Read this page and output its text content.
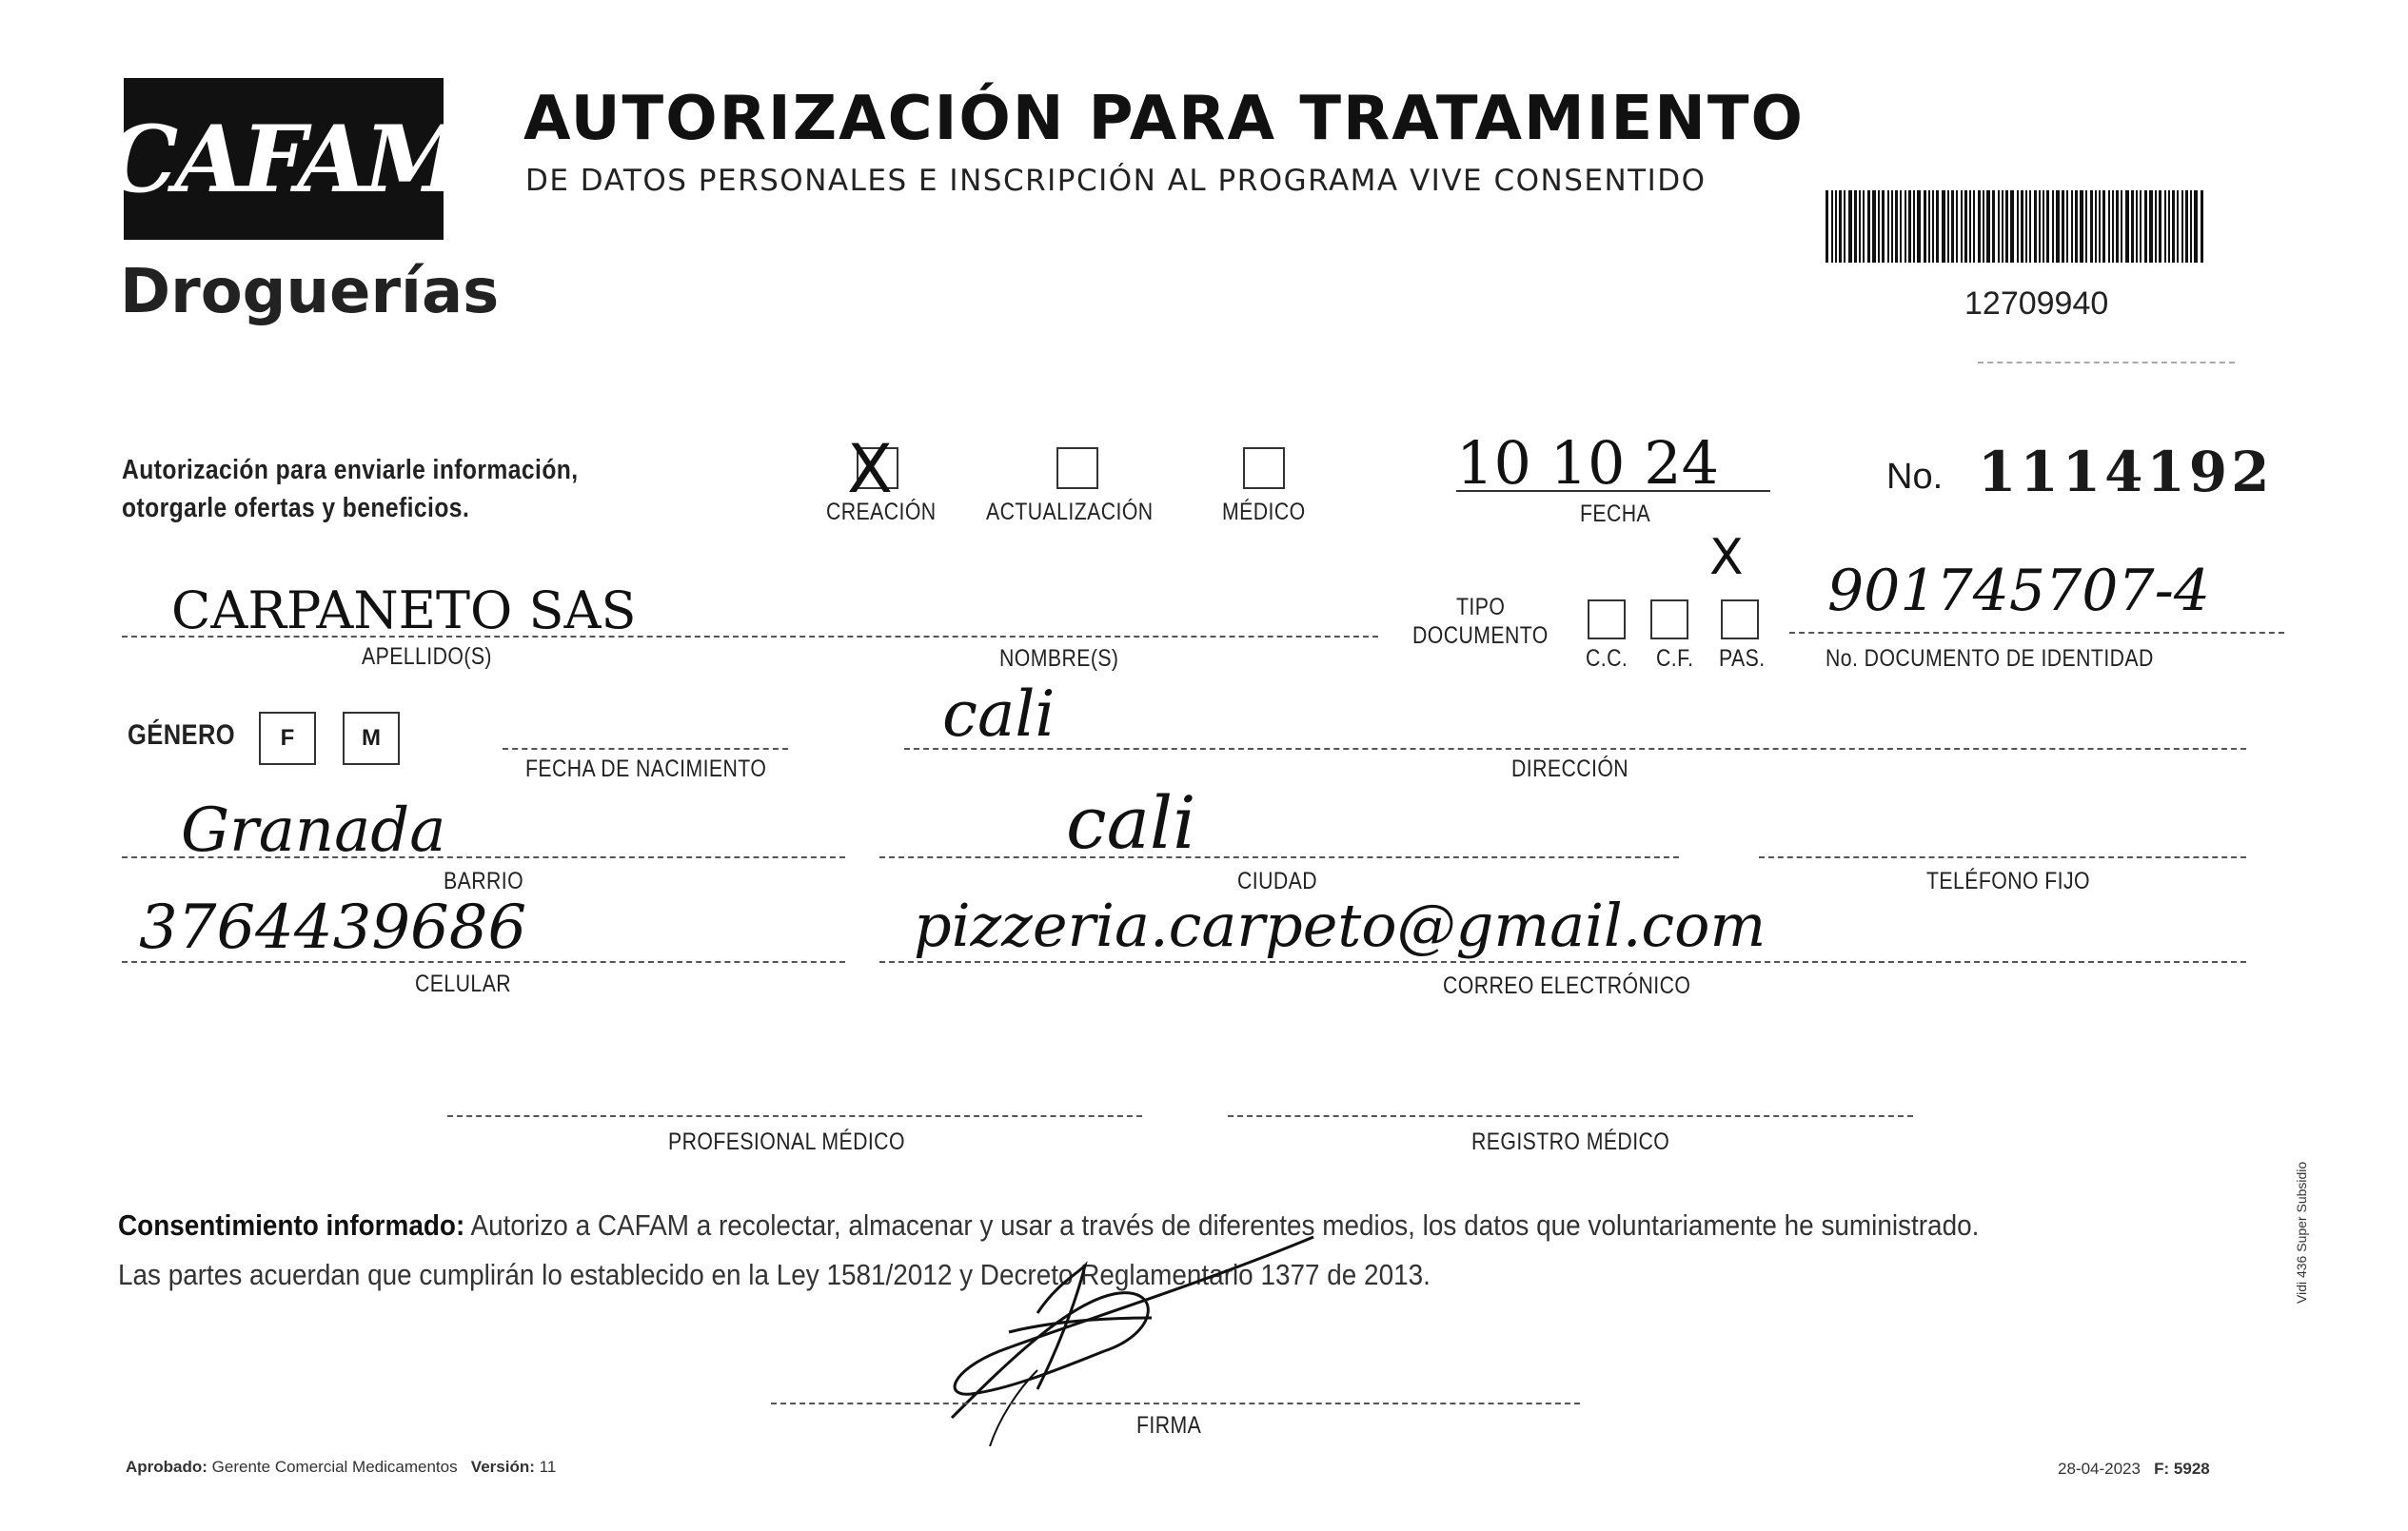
CAFAM
Droguerías
AUTORIZACIÓN PARA TRATAMIENTO
DE DATOS PERSONALES E INSCRIPCIÓN AL PROGRAMA VIVE CONSENTIDO
12709940
Autorización para enviarle información,
otorgarle ofertas y beneficios.	X
CREACIÓN ACTUALIZACIÓN	MÉDICO
10 10 24
FECHA
No. 1114192
CARPANETO SAS
APELLIDO(S)	NOMBRE(S)
TIPO
DOCUMENTO
X
C.C. C.F. PAS.
901745707-4
No. DOCUMENTO DE IDENTIDAD
GÉNERO	F	M
FECHA DE NACIMIENTO
cali
DIRECCIÓN
Granada
BARRIO
cali
CIUDAD	TELÉFONO FIJO
3764439686
CELULAR
pizzeria.carpeto@gmail.com
CORREO ELECTRÓNICO
PROFESIONAL MÉDICO	REGISTRO MÉDICO
Consentimiento informado: Autorizo a CAFAM a recolectar, almacenar y usar a través de diferentes medios, los datos que voluntariamente he suministrado.
Las partes acuerdan que cumplirán lo establecido en la Ley 1581/2012 y Decreto Reglamentario 1377 de 2013.
FIRMA
Aprobado: Gerente Comercial Medicamentos Versión: 11	28-04-2023 F: 5928
Vidi 436 Super Subsidio
